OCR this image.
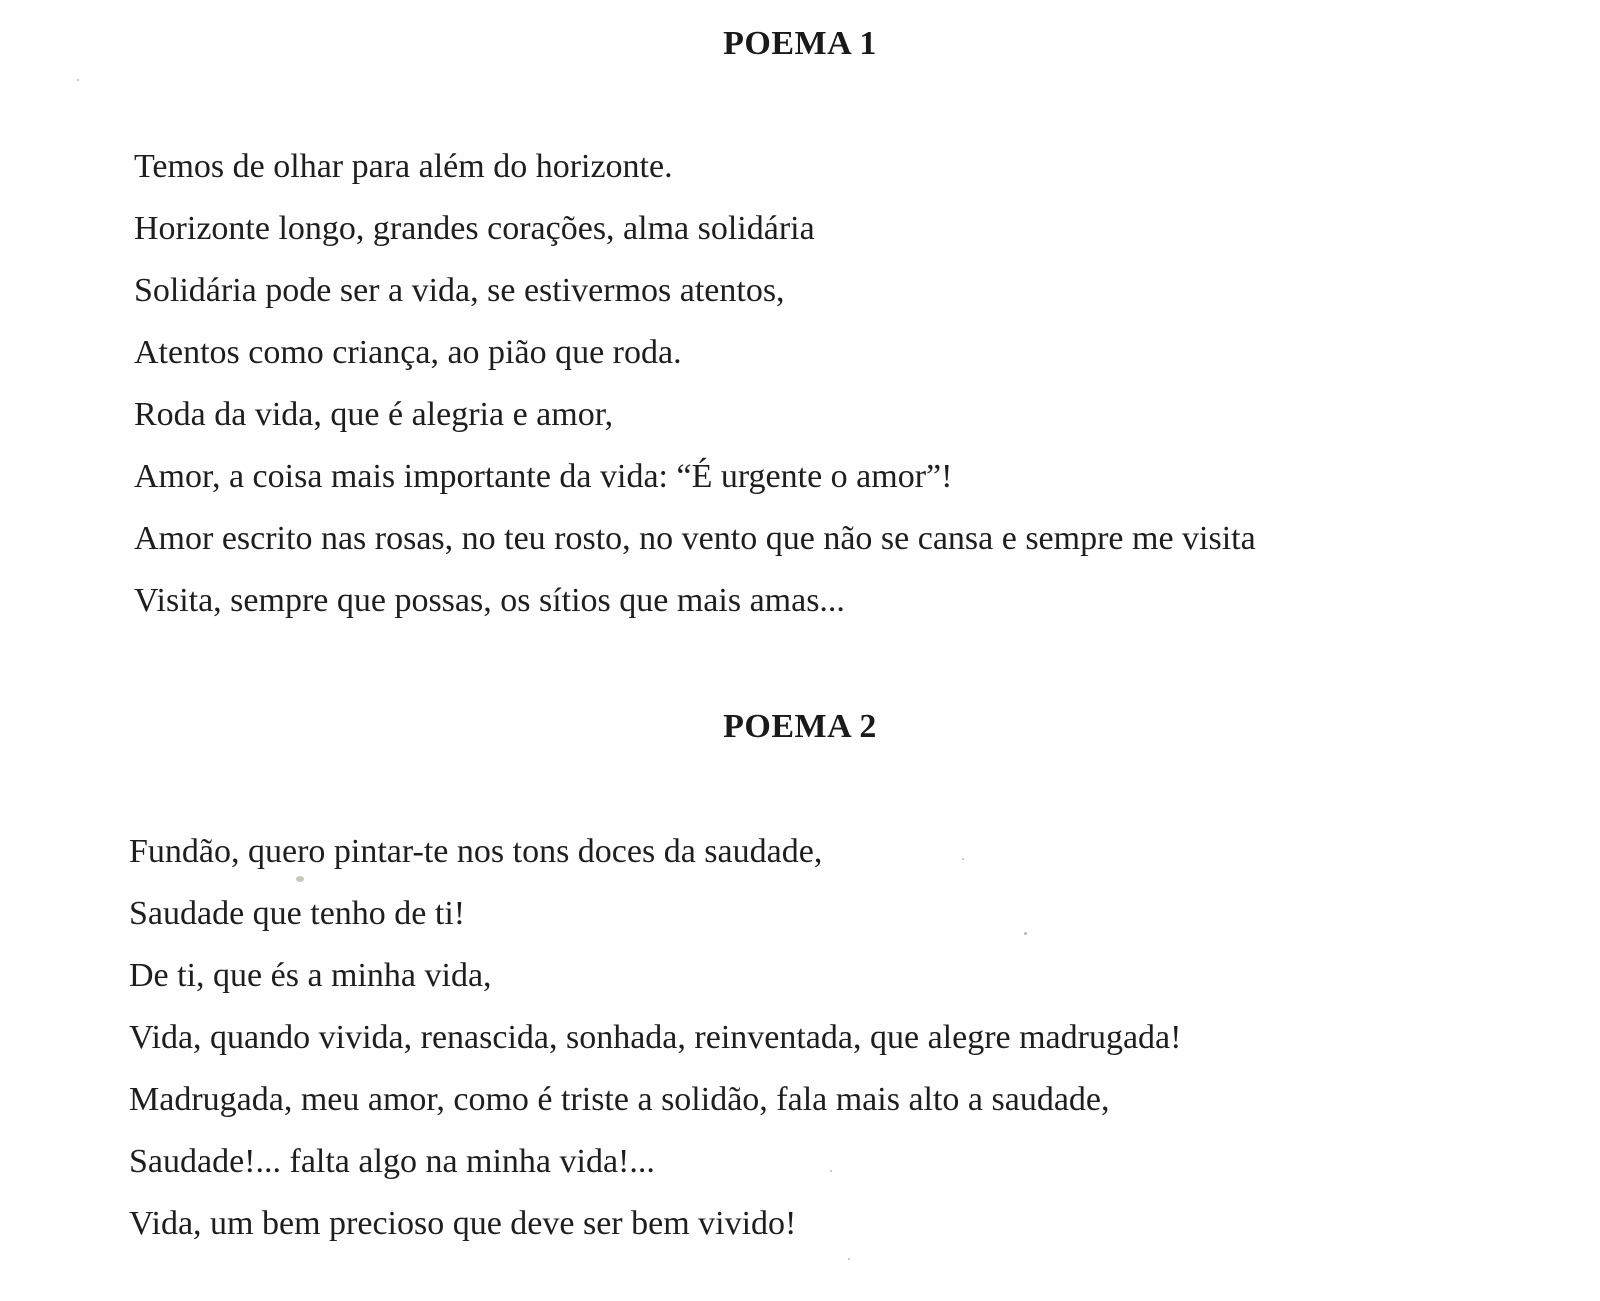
POEMA 1
Temos de olhar para além do horizonte.
Horizonte longo, grandes corações, alma solidária
Solidária pode ser a vida, se estivermos atentos,
Atentos como criança, ao pião que roda.
Roda da vida, que é alegria e amor,
Amor, a coisa mais importante da vida: “É urgente o amor”!
Amor escrito nas rosas, no teu rosto, no vento que não se cansa e sempre me visita
Visita, sempre que possas, os sítios que mais amas...
POEMA 2
Fundão, quero pintar-te nos tons doces da saudade,
Saudade que tenho de ti!
De ti, que és a minha vida,
Vida, quando vivida, renascida, sonhada, reinventada, que alegre madrugada!
Madrugada, meu amor, como é triste a solidão, fala mais alto a saudade,
Saudade!... falta algo na minha vida!...
Vida, um bem precioso que deve ser bem vivido!
